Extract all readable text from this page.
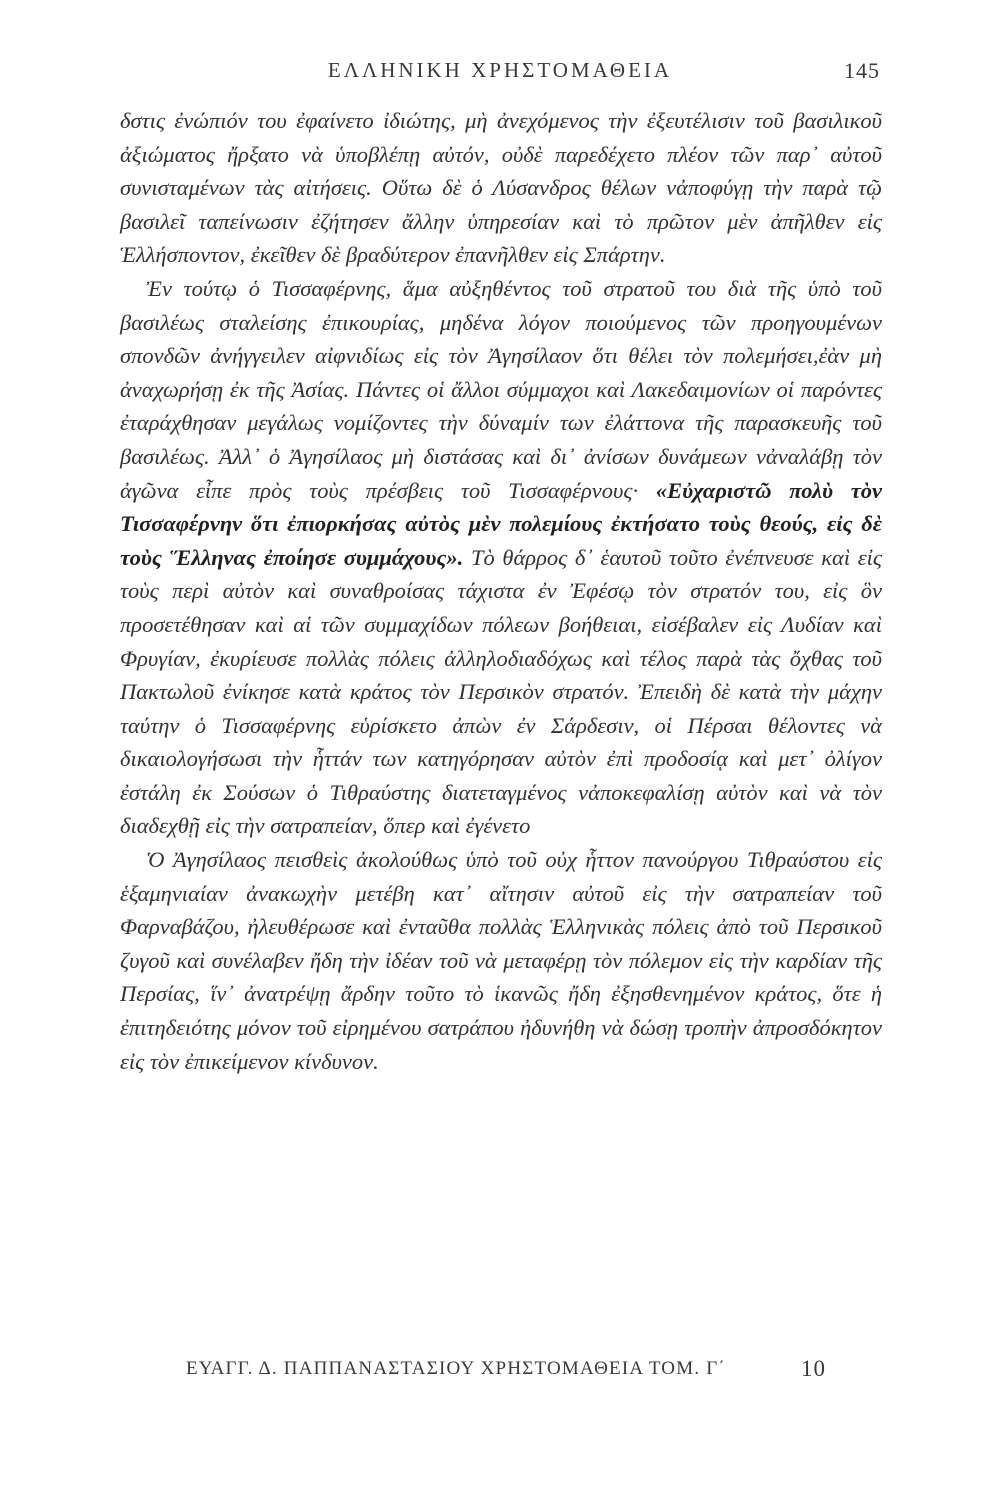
ΕΛΛΗΝΙΚΗ ΧΡΗΣΤΟΜΑΘΕΙΑ	145

δστις ἐνώπιόν του ἐφαίνετο ἰδιώτης, μὴ ἀνεχόμενος τὴν ἐξευτέλισιν τοῦ βασιλικοῦ ἀξιώματος ἤρξατο νὰ ὑποβλέπῃ αὐτόν, οὐδὲ παρεδέχετο πλέον τῶν παρ᾽ αὐτοῦ συνισταμένων τὰς αἰτήσεις. Οὕτω δὲ ὁ Λύσανδρος θέλων νἀποφύγῃ τὴν παρὰ τῷ βασιλεῖ ταπείνωσιν ἐζήτησεν ἄλλην ὑπηρεσίαν καὶ τὸ πρῶτον μὲν ἀπῆλθεν εἰς Ἑλλήσποντον, ἐκεῖθεν δὲ βραδύτερον ἐπανῆλθεν εἰς Σπάρτην.

Ἐν τούτῳ ὁ Τισσαφέρνης, ἅμα αὐξηθέντος τοῦ στρατοῦ του διὰ τῆς ὑπὸ τοῦ βασιλέως σταλείσης ἐπικουρίας, μηδένα λόγον ποιούμενος τῶν προηγουμένων σπονδῶν ἀνήγγειλεν αἰφνιδίως εἰς τὸν Ἀγησίλαον ὅτι θέλει τὸν πολεμήσει,ἐὰν μὴ ἀναχωρήσῃ ἐκ τῆς Ἀσίας. Πάντες οἱ ἄλλοι σύμμαχοι καὶ Λακεδαιμονίων οἱ παρόντες ἐταράχθησαν μεγάλως νομίζοντες τὴν δύναμίν των ἐλάττονα τῆς παρασκευῆς τοῦ βασιλέως. Ἀλλ᾽ ὁ Ἀγησίλαος μὴ διστάσας καὶ δι᾽ ἀνίσων δυνάμεων νἀναλάβῃ τὸν ἀγῶνα εἶπε πρὸς τοὺς πρέσβεις τοῦ Τισσαφέρνους· «Εὐχαριστῶ πολὺ τὸν Τισσαφέρνην ὅτι ἐπιορκήσας αὐτὸς μὲν πολεμίους ἐκτήσατο τοὺς θεούς, εἰς δὲ τοὺς Ἕλληνας ἐποίησε συμμάχους». Τὸ θάρρος δ᾽ ἑαυτοῦ τοῦτο ἐνέπνευσε καὶ εἰς τοὺς περὶ αὐτὸν καὶ συναθροίσας τάχιστα ἐν Ἐφέσῳ τὸν στρατόν του, εἰς ὃν προσετέθησαν καὶ αἱ τῶν συμμαχίδων πόλεων βοήθειαι, εἰσέβαλεν εἰς Λυδίαν καὶ Φρυγίαν, ἐκυρίευσε πολλὰς πόλεις ἀλληλοδιαδόχως καὶ τέλος παρὰ τὰς ὄχθας τοῦ Πακτωλοῦ ἐνίκησε κατὰ κράτος τὸν Περσικὸν στρατόν. Ἐπειδὴ δὲ κατὰ τὴν μάχην ταύτην ὁ Τισσαφέρνης εὑρίσκετο ἀπὼν ἐν Σάρδεσιν, οἱ Πέρσαι θέλοντες νὰ δικαιολογήσωσι τὴν ἧττάν των κατηγόρησαν αὐτὸν ἐπὶ προδοσίᾳ καὶ μετ᾽ ὀλίγον ἐστάλη ἐκ Σούσων ὁ Τιθραύστης διατεταγμένος νἀποκεφαλίσῃ αὐτὸν καὶ νὰ τὸν διαδεχθῇ εἰς τὴν σατραπείαν, ὅπερ καὶ ἐγένετο

Ὁ Ἀγησίλαος πεισθεὶς ἀκολούθως ὑπὸ τοῦ οὐχ ἧττον πανούργου Τιθραύστου εἰς ἑξαμηνιαίαν ἀνακωχὴν μετέβη κατ᾽ αἴτησιν αὐτοῦ εἰς τὴν σατραπείαν τοῦ Φαρναβάζου, ἠλευθέρωσε καὶ ἐνταῦθα πολλὰς Ἑλληνικὰς πόλεις ἀπὸ τοῦ Περσικοῦ ζυγοῦ καὶ συνέλαβεν ἤδη τὴν ἰδέαν τοῦ νὰ μεταφέρῃ τὸν πόλεμον εἰς τὴν καρδίαν τῆς Περσίας, ἵν᾽ ἀνατρέψῃ ἄρδην τοῦτο τὸ ἱκανῶς ἤδη ἐξησθενημένον κράτος, ὅτε ἡ ἐπιτηδειότης μόνον τοῦ εἰρημένου σατράπου ἠδυνήθη νὰ δώσῃ τροπὴν ἀπροσδόκητον εἰς τὸν ἐπικείμενον κίνδυνον.

ΕΥΑΓΓ. Δ. ΠΑΠΠΑΝΑΣΤΑΣΙΟΥ ΧΡΗΣΤΟΜΑΘΕΙΑ ΤΟΜ. Γ΄	10
